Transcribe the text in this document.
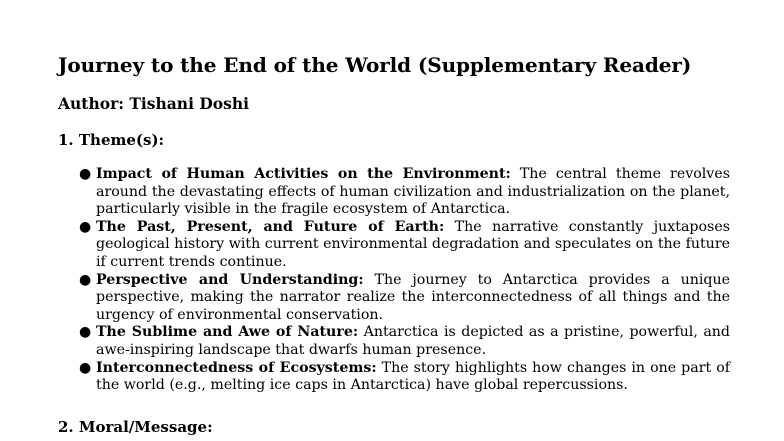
Journey to the End of the World (Supplementary Reader)

Author: Tishani Doshi

1. Theme(s):

● Impact of Human Activities on the Environment: The central theme revolves around the devastating effects of human civilization and industrialization on the planet, particularly visible in the fragile ecosystem of Antarctica.
● The Past, Present, and Future of Earth: The narrative constantly juxtaposes geological history with current environmental degradation and speculates on the future if current trends continue.
● Perspective and Understanding: The journey to Antarctica provides a unique perspective, making the narrator realize the interconnectedness of all things and the urgency of environmental conservation.
● The Sublime and Awe of Nature: Antarctica is depicted as a pristine, powerful, and awe-inspiring landscape that dwarfs human presence.
● Interconnectedness of Ecosystems: The story highlights how changes in one part of the world (e.g., melting ice caps in Antarctica) have global repercussions.

2. Moral/Message:
